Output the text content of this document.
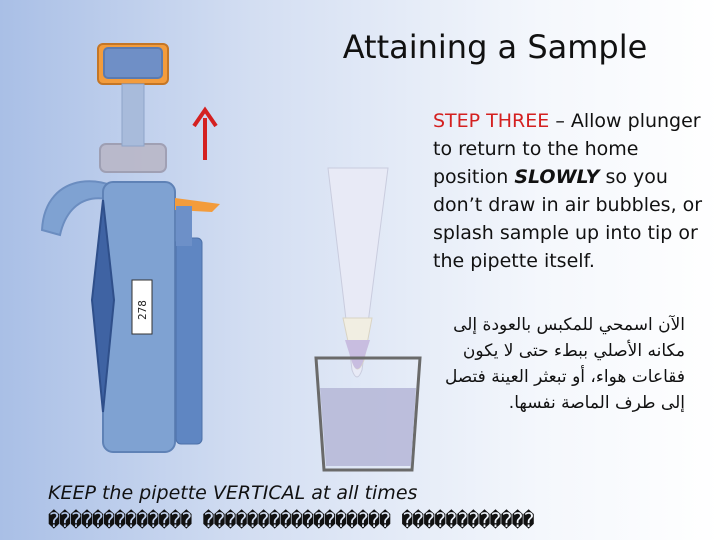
Attaining a Sample
278
STEP THREE – Allow plunger to return to the home position SLOWLY so you don’t draw in air bubbles, or splash sample up into tip or the pipette itself.
الآن اسمحي للمكبس بالعودة إلى مكانه الأصلي ببطء حتى لا يكون فقاعات هواء، أو تبعثر العينة فتصل إلى طرف الماصة نفسها.
KEEP the pipette VERTICAL at all times
������������� ����������������� ������������
